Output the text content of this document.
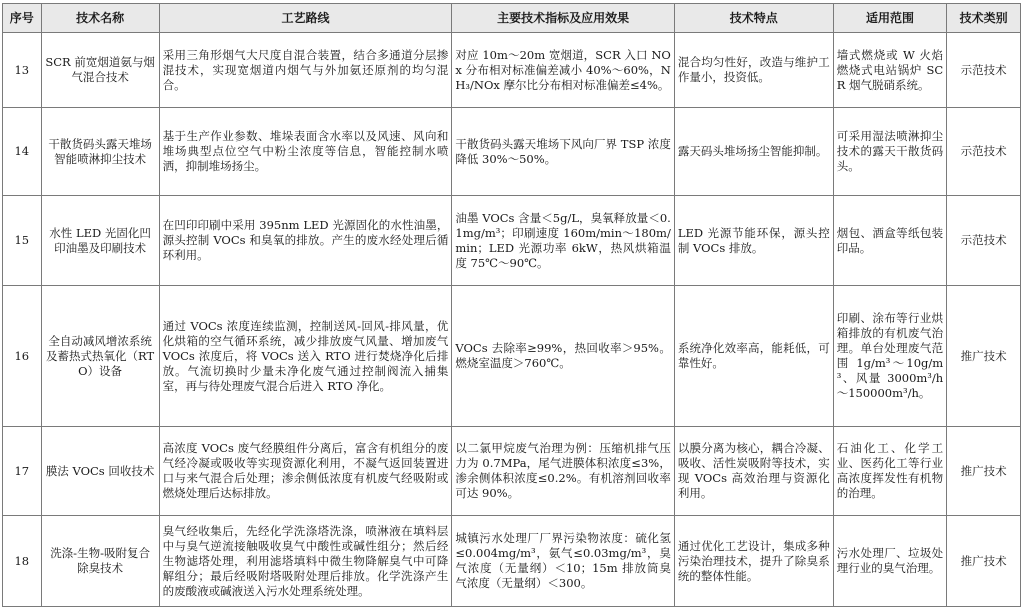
序号	技术名称	工艺路线	主要技术指标及应用效果	技术特点	适用范围	技术类别
13	SCR 前宽烟道氨与烟气混合技术	采用三角形烟气大尺度自混合装置，结合多通道分层掺混技术，实现宽烟道内烟气与外加氨还原剂的均匀混合。	对应 10m～20m 宽烟道，SCR 入口 NOx 分布相对标准偏差减小 40%～60%，NH₃/NOx 摩尔比分布相对标准偏差≤4%。	混合均匀性好，改造与维护工作量小，投资低。	墙式燃烧或 W 火焰燃烧式电站锅炉 SCR 烟气脱硝系统。	示范技术
14	干散货码头露天堆场智能喷淋抑尘技术	基于生产作业参数、堆垛表面含水率以及风速、风向和堆场典型点位空气中粉尘浓度等信息，智能控制水喷洒，抑制堆场扬尘。	干散货码头露天堆场下风向厂界 TSP 浓度降低 30%～50%。	露天码头堆场扬尘智能抑制。	可采用湿法喷淋抑尘技术的露天干散货码头。	示范技术
15	水性 LED 光固化凹印油墨及印刷技术	在凹印印刷中采用 395nm LED 光源固化的水性油墨，源头控制 VOCs 和臭氧的排放。产生的废水经处理后循环利用。	油墨 VOCs 含量＜5g/L，臭氧释放量＜0.1mg/m³；印刷速度 160m/min～180m/min；LED 光源功率 6kW，热风烘箱温度 75℃～90℃。	LED 光源节能环保，源头控制 VOCs 排放。	烟包、酒盒等纸包装印品。	示范技术
16	全自动减风增浓系统及蓄热式热氧化（RTO）设备	通过 VOCs 浓度连续监测，控制送风-回风-排风量，优化烘箱的空气循环系统，减少排放废气风量、增加废气 VOCs 浓度后，将 VOCs 送入 RTO 进行焚烧净化后排放。气流切换时少量未净化废气通过控制阀流入捕集室，再与待处理废气混合后进入 RTO 净化。	VOCs 去除率≥99%，热回收率＞95%。燃烧室温度＞760℃。	系统净化效率高，能耗低，可靠性好。	印刷、涂布等行业烘箱排放的有机废气治理。单台处理废气范围 1g/m³～10g/m³、风量 3000m³/h～150000m³/h。	推广技术
17	膜法 VOCs 回收技术	高浓度 VOCs 废气经膜组件分离后，富含有机组分的废气经冷凝或吸收等实现资源化利用，不凝气返回装置进口与来气混合后处理；渗余侧低浓度有机废气经吸附或燃烧处理后达标排放。	以二氯甲烷废气治理为例：压缩机排气压力为 0.7MPa，尾气进膜体积浓度≤3%，渗余侧体积浓度≤0.2%。有机溶剂回收率可达 90%。	以膜分离为核心，耦合冷凝、吸收、活性炭吸附等技术，实现 VOCs 高效治理与资源化利用。	石油化工、化学工业、医药化工等行业高浓度挥发性有机物的治理。	推广技术
18	洗涤-生物-吸附复合除臭技术	臭气经收集后，先经化学洗涤塔洗涤，喷淋液在填料层中与臭气逆流接触吸收臭气中酸性或碱性组分；然后经生物滤塔处理，利用滤塔填料中微生物降解臭气中可降解组分；最后经吸附塔吸附处理后排放。化学洗涤产生的废酸液或碱液送入污水处理系统处理。	城镇污水处理厂厂界污染物浓度：硫化氢≤0.004mg/m³，氨气≤0.03mg/m³，臭气浓度（无量纲）＜10；15m 排放筒臭气浓度（无量纲）＜300。	通过优化工艺设计，集成多种污染治理技术，提升了除臭系统的整体性能。	污水处理厂、垃圾处理行业的臭气治理。	推广技术
